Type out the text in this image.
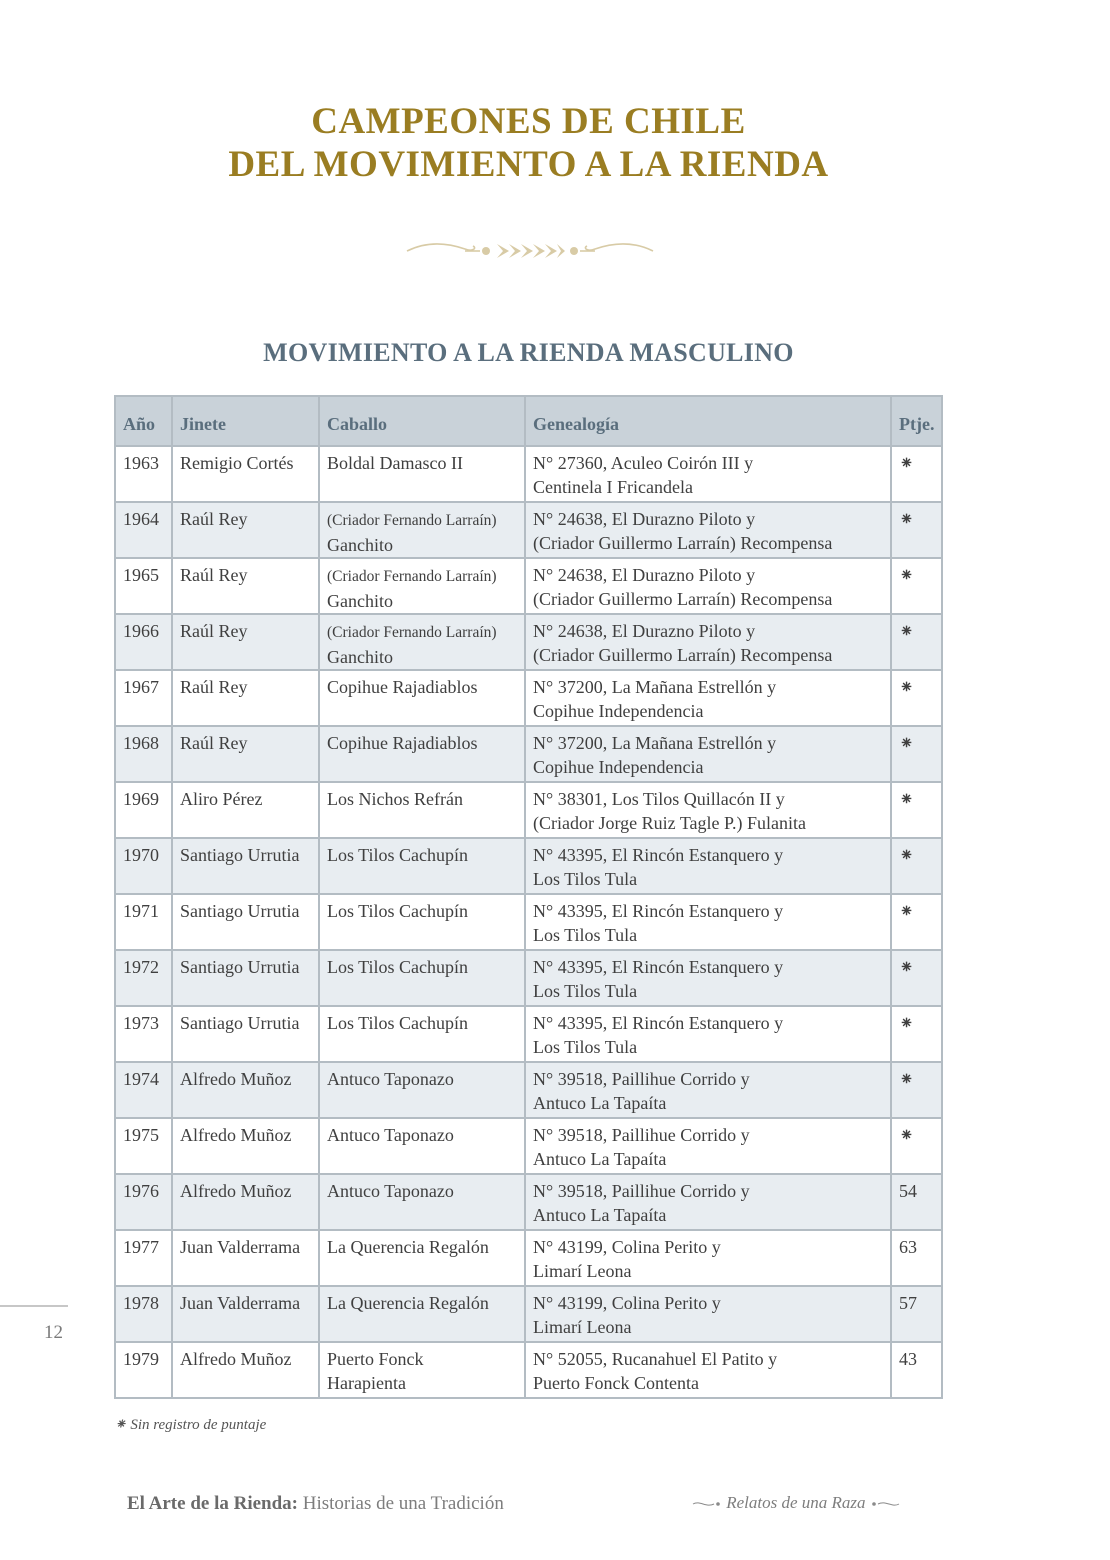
CAMPEONES DE CHILE
DEL MOVIMIENTO A LA RIENDA
MOVIMIENTO A LA RIENDA MASCULINO
Año	Jinete	Caballo	Genealogía	Ptje.
1963	Remigio Cortés	Boldal Damasco II	N° 27360, Aculeo Coirón III y
Centinela I Fricandela	⁕
1964	Raúl Rey	(Criador Fernando Larraín)
Ganchito	N° 24638, El Durazno Piloto y
(Criador Guillermo Larraín) Recompensa	⁕
1965	Raúl Rey	(Criador Fernando Larraín)
Ganchito	N° 24638, El Durazno Piloto y
(Criador Guillermo Larraín) Recompensa	⁕
1966	Raúl Rey	(Criador Fernando Larraín)
Ganchito	N° 24638, El Durazno Piloto y
(Criador Guillermo Larraín) Recompensa	⁕
1967	Raúl Rey	Copihue Rajadiablos	N° 37200, La Mañana Estrellón y
Copihue Independencia	⁕
1968	Raúl Rey	Copihue Rajadiablos	N° 37200, La Mañana Estrellón y
Copihue Independencia	⁕
1969	Aliro Pérez	Los Nichos Refrán	N° 38301, Los Tilos Quillacón II y
(Criador Jorge Ruiz Tagle P.) Fulanita	⁕
1970	Santiago Urrutia	Los Tilos Cachupín	N° 43395, El Rincón Estanquero y
Los Tilos Tula	⁕
1971	Santiago Urrutia	Los Tilos Cachupín	N° 43395, El Rincón Estanquero y
Los Tilos Tula	⁕
1972	Santiago Urrutia	Los Tilos Cachupín	N° 43395, El Rincón Estanquero y
Los Tilos Tula	⁕
1973	Santiago Urrutia	Los Tilos Cachupín	N° 43395, El Rincón Estanquero y
Los Tilos Tula	⁕
1974	Alfredo Muñoz	Antuco Taponazo	N° 39518, Paillihue Corrido y
Antuco La Tapaíta	⁕
1975	Alfredo Muñoz	Antuco Taponazo	N° 39518, Paillihue Corrido y
Antuco La Tapaíta	⁕
1976	Alfredo Muñoz	Antuco Taponazo	N° 39518, Paillihue Corrido y
Antuco La Tapaíta	54
1977	Juan Valderrama	La Querencia Regalón	N° 43199, Colina Perito y
Limarí Leona	63
1978	Juan Valderrama	La Querencia Regalón	N° 43199, Colina Perito y
Limarí Leona	57
1979	Alfredo Muñoz	Puerto Fonck
Harapienta	N° 52055, Rucanahuel El Patito y
Puerto Fonck Contenta	43
⁕ Sin registro de puntaje
12
El Arte de la Rienda: Historias de una Tradición	Relatos de una Raza
